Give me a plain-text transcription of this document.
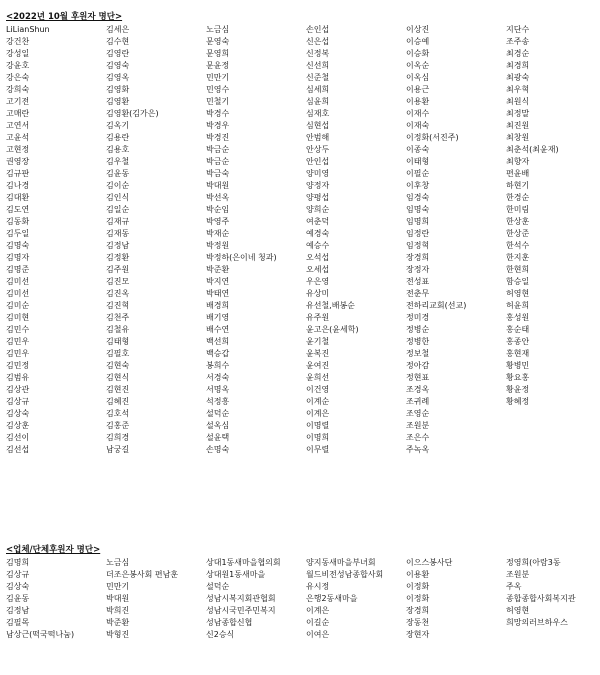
<2022년 10월 후원자 명단>
LiLianShun	김세은	노금심	손인섭	이상진	지단수
강건찬	김수현	문영숙	신은섭	이승예	조주송
강성일	김영란	문영희	신정복	이승화	최경순
강윤호	김영숙	문윤정	신선희	이옥순	최경희
강은숙	김영옥	민만기	신준철	이옥심	최광숙
강희숙	김영화	민영수	심세희	이용근	최우혁
고기전	김영환	민철기	심윤희	이용환	최원식
고매란	김영환(김가은)	박경수	심재호	이재수	최정말
고연서	김옥기	박경우	심현섭	이재숙	최진원
고윤석	김용란	박경진	안범해	이정화(서진주)	최창원
고현정	김용호	박금순	안상두	이종숙	최춘석(최윤재)
권영장	김우철	박금순	안인섭	이태형	최향자
김규판	김윤동	박금숙	양미영	이필순	편윤배
김나경	김이순	박대원	양정자	이후창	하현기
김대환	김인식	박선옥	양평섭	임경숙	한경순
김도연	김일순	박순임	양희순	임명숙	한미림
김동화	김재규	박영주	여춘덕	임명희	한상훈
김두일	김재동	박재순	예경숙	임정란	한상준
김명숙	김정남	박정원	예승수	임정혁	한석수
김명자	김정환	박정하(은이네 청과)	오석섭	장경희	한지훈
김명준	김주원	박준환	오세섭	장정자	한현희
김미선	김진모	박지연	우은영	전성표	함승일
김미선	김진옥	박태연	유상미	전춘무	허영현
김미순	김진혁	배경희	유선철,배봉순	전하리교회(선교)	허윤희
김미현	김천주	배기영	유주원	정미경	홍성원
김민수	김철유	배수연	윤고은(윤세학)	정병순	홍순태
김민우	김태형	백선희	윤기철	정병한	홍종안
김민우	김필호	백승갑	윤복진	정보철	홍현재
김민정	김현숙	봉희수	윤여진	정아감	황병민
김범유	김현식	서경숙	윤희선	정현표	황요홍
김상관	김현진	서명옥	이건영	조경옥	황윤정
김상규	김혜진	석정흥	이계순	조귀례	황혜정
김상숙	김호석	설덕순	이계은	조영순
김상훈	김홍준	설옥심	이명렬	조원분
김선이	김희경	설윤택	이명희	조은수
김선섭	남궁길	손명숙	이무렬	주녹옥
<업체/단체후원자 명단>
김명희	노금심	상대1동새마을협의회	양지동새마을부녀회	이으스봉사단	정영희(아람3동
김상규	더조은봉사회 편남훈	상대원1동새마을	월드비전성남종합사회	이용환	조원분
김상숙	민만기	설덕순	유시정	이정화	주옥
김윤동	박대원	성남시복지회관협회	은행2동새마을	이정화	종합종합사회복지관
김정남	박희진	성남시국민주민복지	이계은	장경희	허영현
김필목	박준환	성남종합신협	이길순	장동천	희망의러브하우스
남상근(떡국떡나눔)	박형진	신2승식	이여은	장현자
